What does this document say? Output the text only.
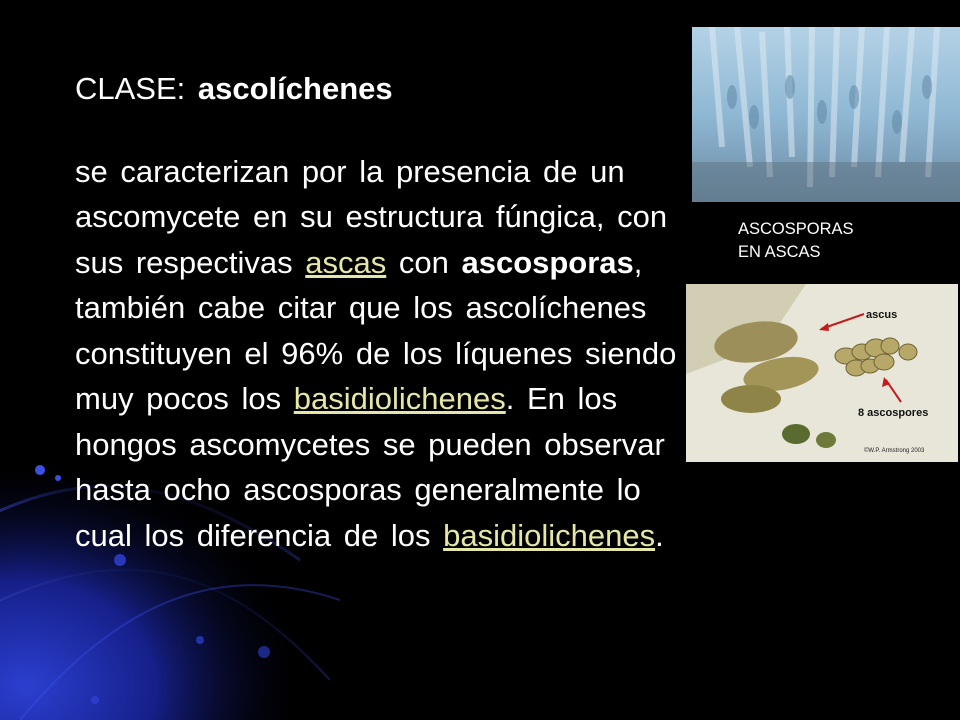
CLASE: ascolíchenes

se caracterizan por la presencia de un ascomycete en su estructura fúngica, con sus respectivas ascas con ascosporas, también cabe citar que los ascolíchenes constituyen el 96% de los líquenes siendo muy pocos los basidiolichenes. En los hongos ascomycetes se pueden observar hasta ocho ascosporas generalmente lo cual los diferencia de los basidiolichenes.

ASCOSPORAS
EN ASCAS
ascus
8 ascospores
©W.P. Armstrong 2003
